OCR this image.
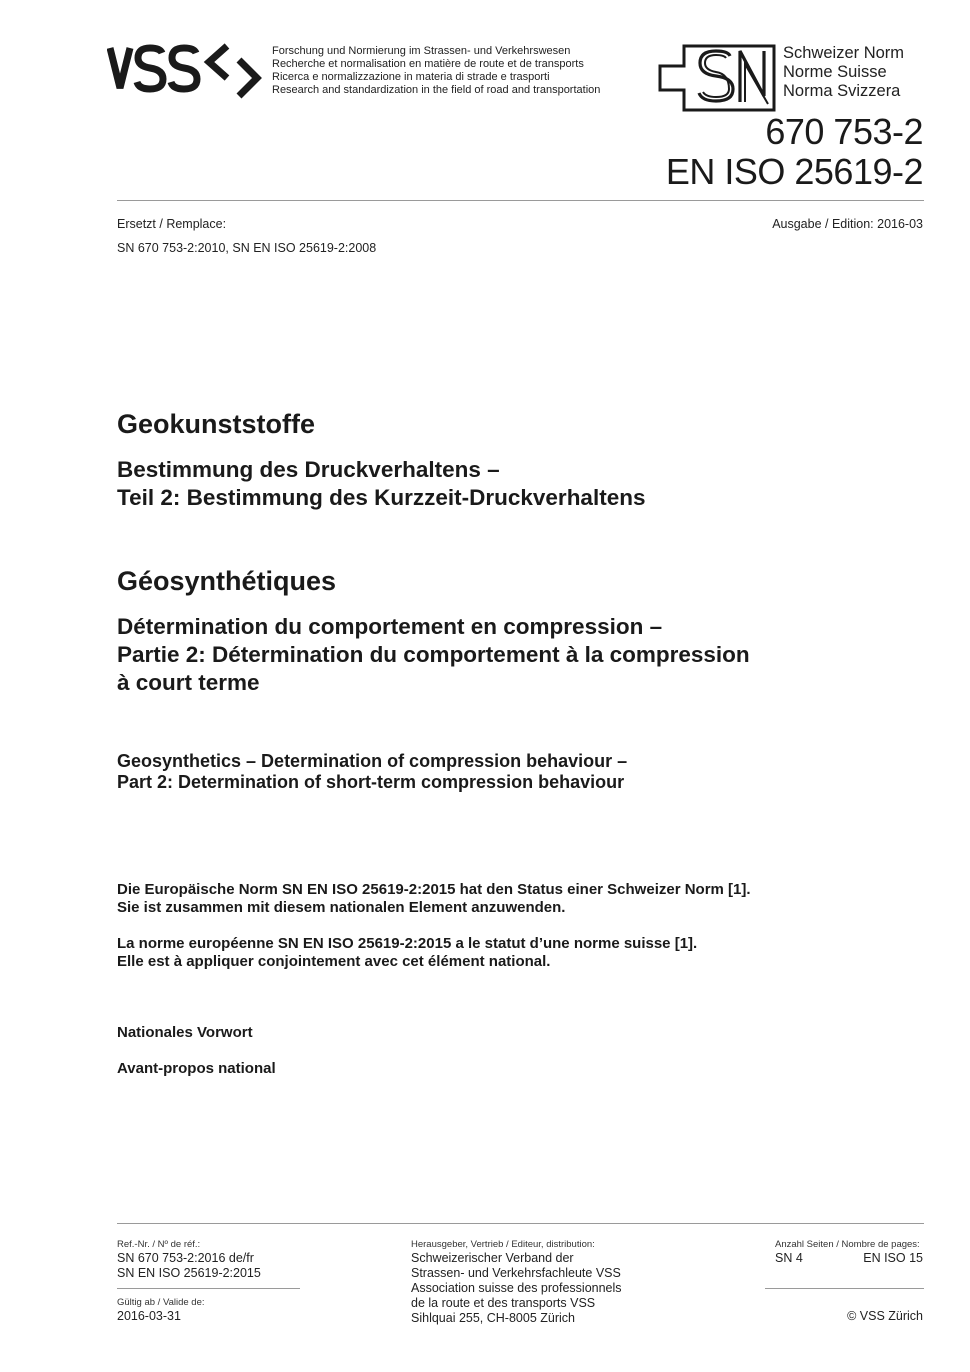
Forschung und Normierung im Strassen- und Verkehrswesen
Recherche et normalisation en matière de route et de transports
Ricerca e normalizzazione in materia di strade e trasporti
Research and standardization in the field of road and transportation
Schweizer Norm
Norme Suisse
Norma Svizzera
670 753-2
EN ISO 25619-2
Ersetzt / Remplace:	Ausgabe / Edition: 2016-03
SN 670 753-2:2010, SN EN ISO 25619-2:2008
Geokunststoffe
Bestimmung des Druckverhaltens –
Teil 2: Bestimmung des Kurzzeit-Druckverhaltens
Géosynthétiques
Détermination du comportement en compression –
Partie 2: Détermination du comportement à la compression
à court terme
Geosynthetics – Determination of compression behaviour –
Part 2: Determination of short-term compression behaviour
Die Europäische Norm SN EN ISO 25619-2:2015 hat den Status einer Schweizer Norm [1].
Sie ist zusammen mit diesem nationalen Element anzuwenden.
La norme européenne SN EN ISO 25619-2:2015 a le statut d’une norme suisse [1].
Elle est à appliquer conjointement avec cet élément national.
Nationales Vorwort
Avant-propos national
Ref.-Nr. / Nº de réf.:
SN 670 753-2:2016 de/fr
SN EN ISO 25619-2:2015
Gültig ab / Valide de:
2016-03-31
Herausgeber, Vertrieb / Editeur, distribution:
Schweizerischer Verband der
Strassen- und Verkehrsfachleute VSS
Association suisse des professionnels
de la route et des transports VSS
Sihlquai 255, CH-8005 Zürich
Anzahl Seiten / Nombre de pages:
SN 4	EN ISO 15
© VSS Zürich
